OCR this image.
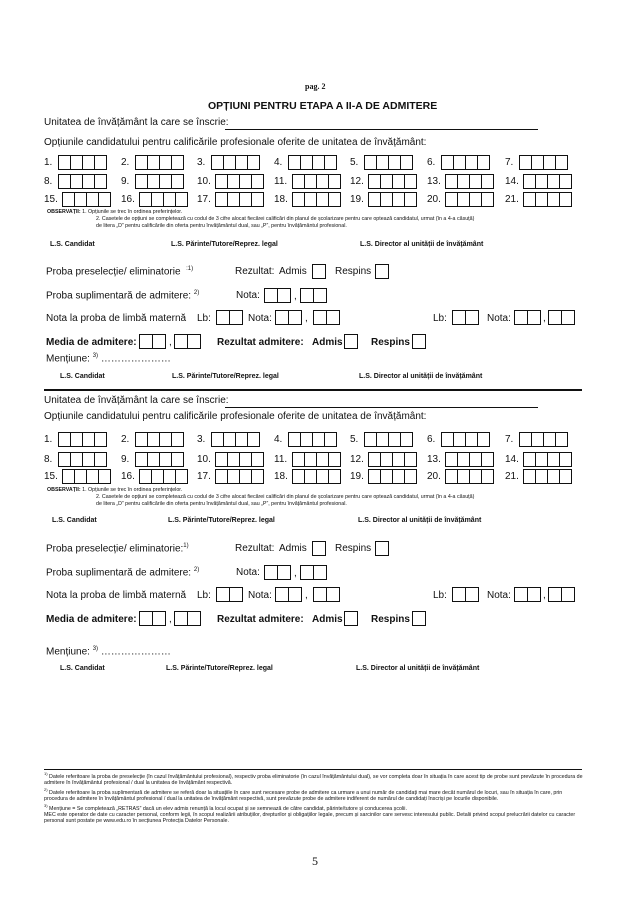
pag. 2
OPȚIUNI PENTRU ETAPA A II-A DE ADMITERE
Unitatea de învățământ la care se înscrie:
Opțiunile candidatului pentru calificările profesionale oferite de unitatea de învățământ:
1.	2.	3.	4.	5.	6.	7.
8.	9.	10.	11.	12.	13.	14.
15.	16.	17.	18.	19.	20.	21.
OBSERVAȚII: 1. Opțiunile se trec în ordinea preferințelor.
2. Casetele de opțiuni se completează cu codul de 3 cifre alocat fiecărei calificări din planul de școlarizare pentru care optează candidatul, urmat (în a 4-a căsuță)
de litera „D” pentru calificările din oferta pentru învățământul dual, sau „P”, pentru învățământul profesional.
L.S. Candidat	L.S. Părinte/Tutore/Reprez. legal	L.S. Director al unității de învățământ
Proba preselecție/ eliminatorie $^{:1)}$	Rezultat: Admis	Respins
Proba suplimentară de admitere: $^{2)}$	Nota:	,
Nota la proba de limbă maternă Lb:	Nota:	,	Lb:	Nota:	,
Media de admitere:	,	Rezultat admitere: Admis	Respins
Mențiune: $^{3)}$ …………………
L.S. Candidat	L.S. Părinte/Tutore/Reprez. legal	L.S. Director al unității de învățământ
Unitatea de învățământ la care se înscrie:
Opțiunile candidatului pentru calificările profesionale oferite de unitatea de învățământ:
1.	2.	3.	4.	5.	6.	7.
8.	9.	10.	11.	12.	13.	14.
15.	16.	17.	18.	19.	20.	21.
OBSERVAȚII: 1. Opțiunile se trec în ordinea preferințelor.
2. Casetele de opțiuni se completează cu codul de 3 cifre alocat fiecărei calificări din planul de școlarizare pentru care optează candidatul, urmat (în a 4-a căsuță)
de litera „D” pentru calificările din oferta pentru învățământul dual, sau „P”, pentru învățământul profesional.
L.S. Candidat	L.S. Părinte/Tutore/Reprez. legal	L.S. Director al unității de învățământ
Proba preselecție/ eliminatorie:$^{1)}$	Rezultat: Admis	Respins
Proba suplimentară de admitere: $^{2)}$	Nota:	,
Nota la proba de limbă maternă Lb:	Nota:	,	Lb:	Nota:	,
Media de admitere:	,	Rezultat admitere: Admis	Respins
Mențiune: $^{3)}$ …………………
L.S. Candidat	L.S. Părinte/Tutore/Reprez. legal	L.S. Director al unității de învățământ
$^{1)}$ Datele referitoare la proba de preselecție (în cazul învățământului profesional), respectiv proba eliminatorie (în cazul învățământului dual), se vor completa doar în situația în care acest tip de probe sunt prevăzute în procedura de admitere în învățământul profesional / dual la unitatea de învățământ respectivă.
$^{2)}$ Datele referitoare la proba suplimentară de admitere se referă doar la situațiile în care sunt necesare probe de admitere ca urmare a unui număr de candidați mai mare decât numărul de locuri, sau în situația în care, prin procedura de admitere în învățământul profesional / dual la unitatea de învățământ respectivă, sunt prevăzute probe de admitere indiferent de numărul de candidați înscriși pe locurile disponibile.
$^{3)}$ Mențiune = Se completează „RETRAS” dacă un elev admis renunță la locul ocupat și se semnează de către candidat, părinte/tutore și conducerea școlii.
MEC este operator de date cu caracter personal, conform legii, în scopul realizării atribuțiilor, drepturilor și obligațiilor legale, precum și sarcinilor care servesc interesului public. Detalii privind scopul prelucrării datelor cu caracter personal sunt postate pe www.edu.ro în secțiunea Protecția Datelor Personale.
5
